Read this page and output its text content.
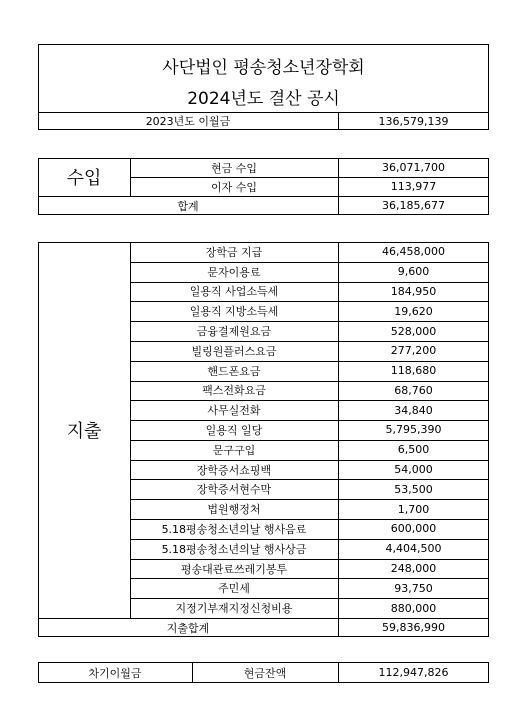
사단법인 평송청소년장학회
2024년도 결산 공시
2023년도 이월금	136,579,139
수입	현금 수입	36,071,700
이자 수입	113,977
합계	36,185,677
지출
장학금 지급	46,458,000
문자이용료	9,600
일용직 사업소득세	184,950
일용직 지방소득세	19,620
금융결제원요금	528,000
빌링원플러스요금	277,200
핸드폰요금	118,680
팩스전화요금	68,760
사무실전화	34,840
일용직 일당	5,795,390
문구구입	6,500
장학증서쇼핑백	54,000
장학증서현수막	53,500
법원행정처	1,700
5.18평송청소년의날 행사음료	600,000
5.18평송청소년의날 행사상금	4,404,500
평송대관료쓰레기봉투	248,000
주민세	93,750
지정기부재지정신청비용	880,000
지출합계	59,836,990
차기이월금	현금잔액	112,947,826
